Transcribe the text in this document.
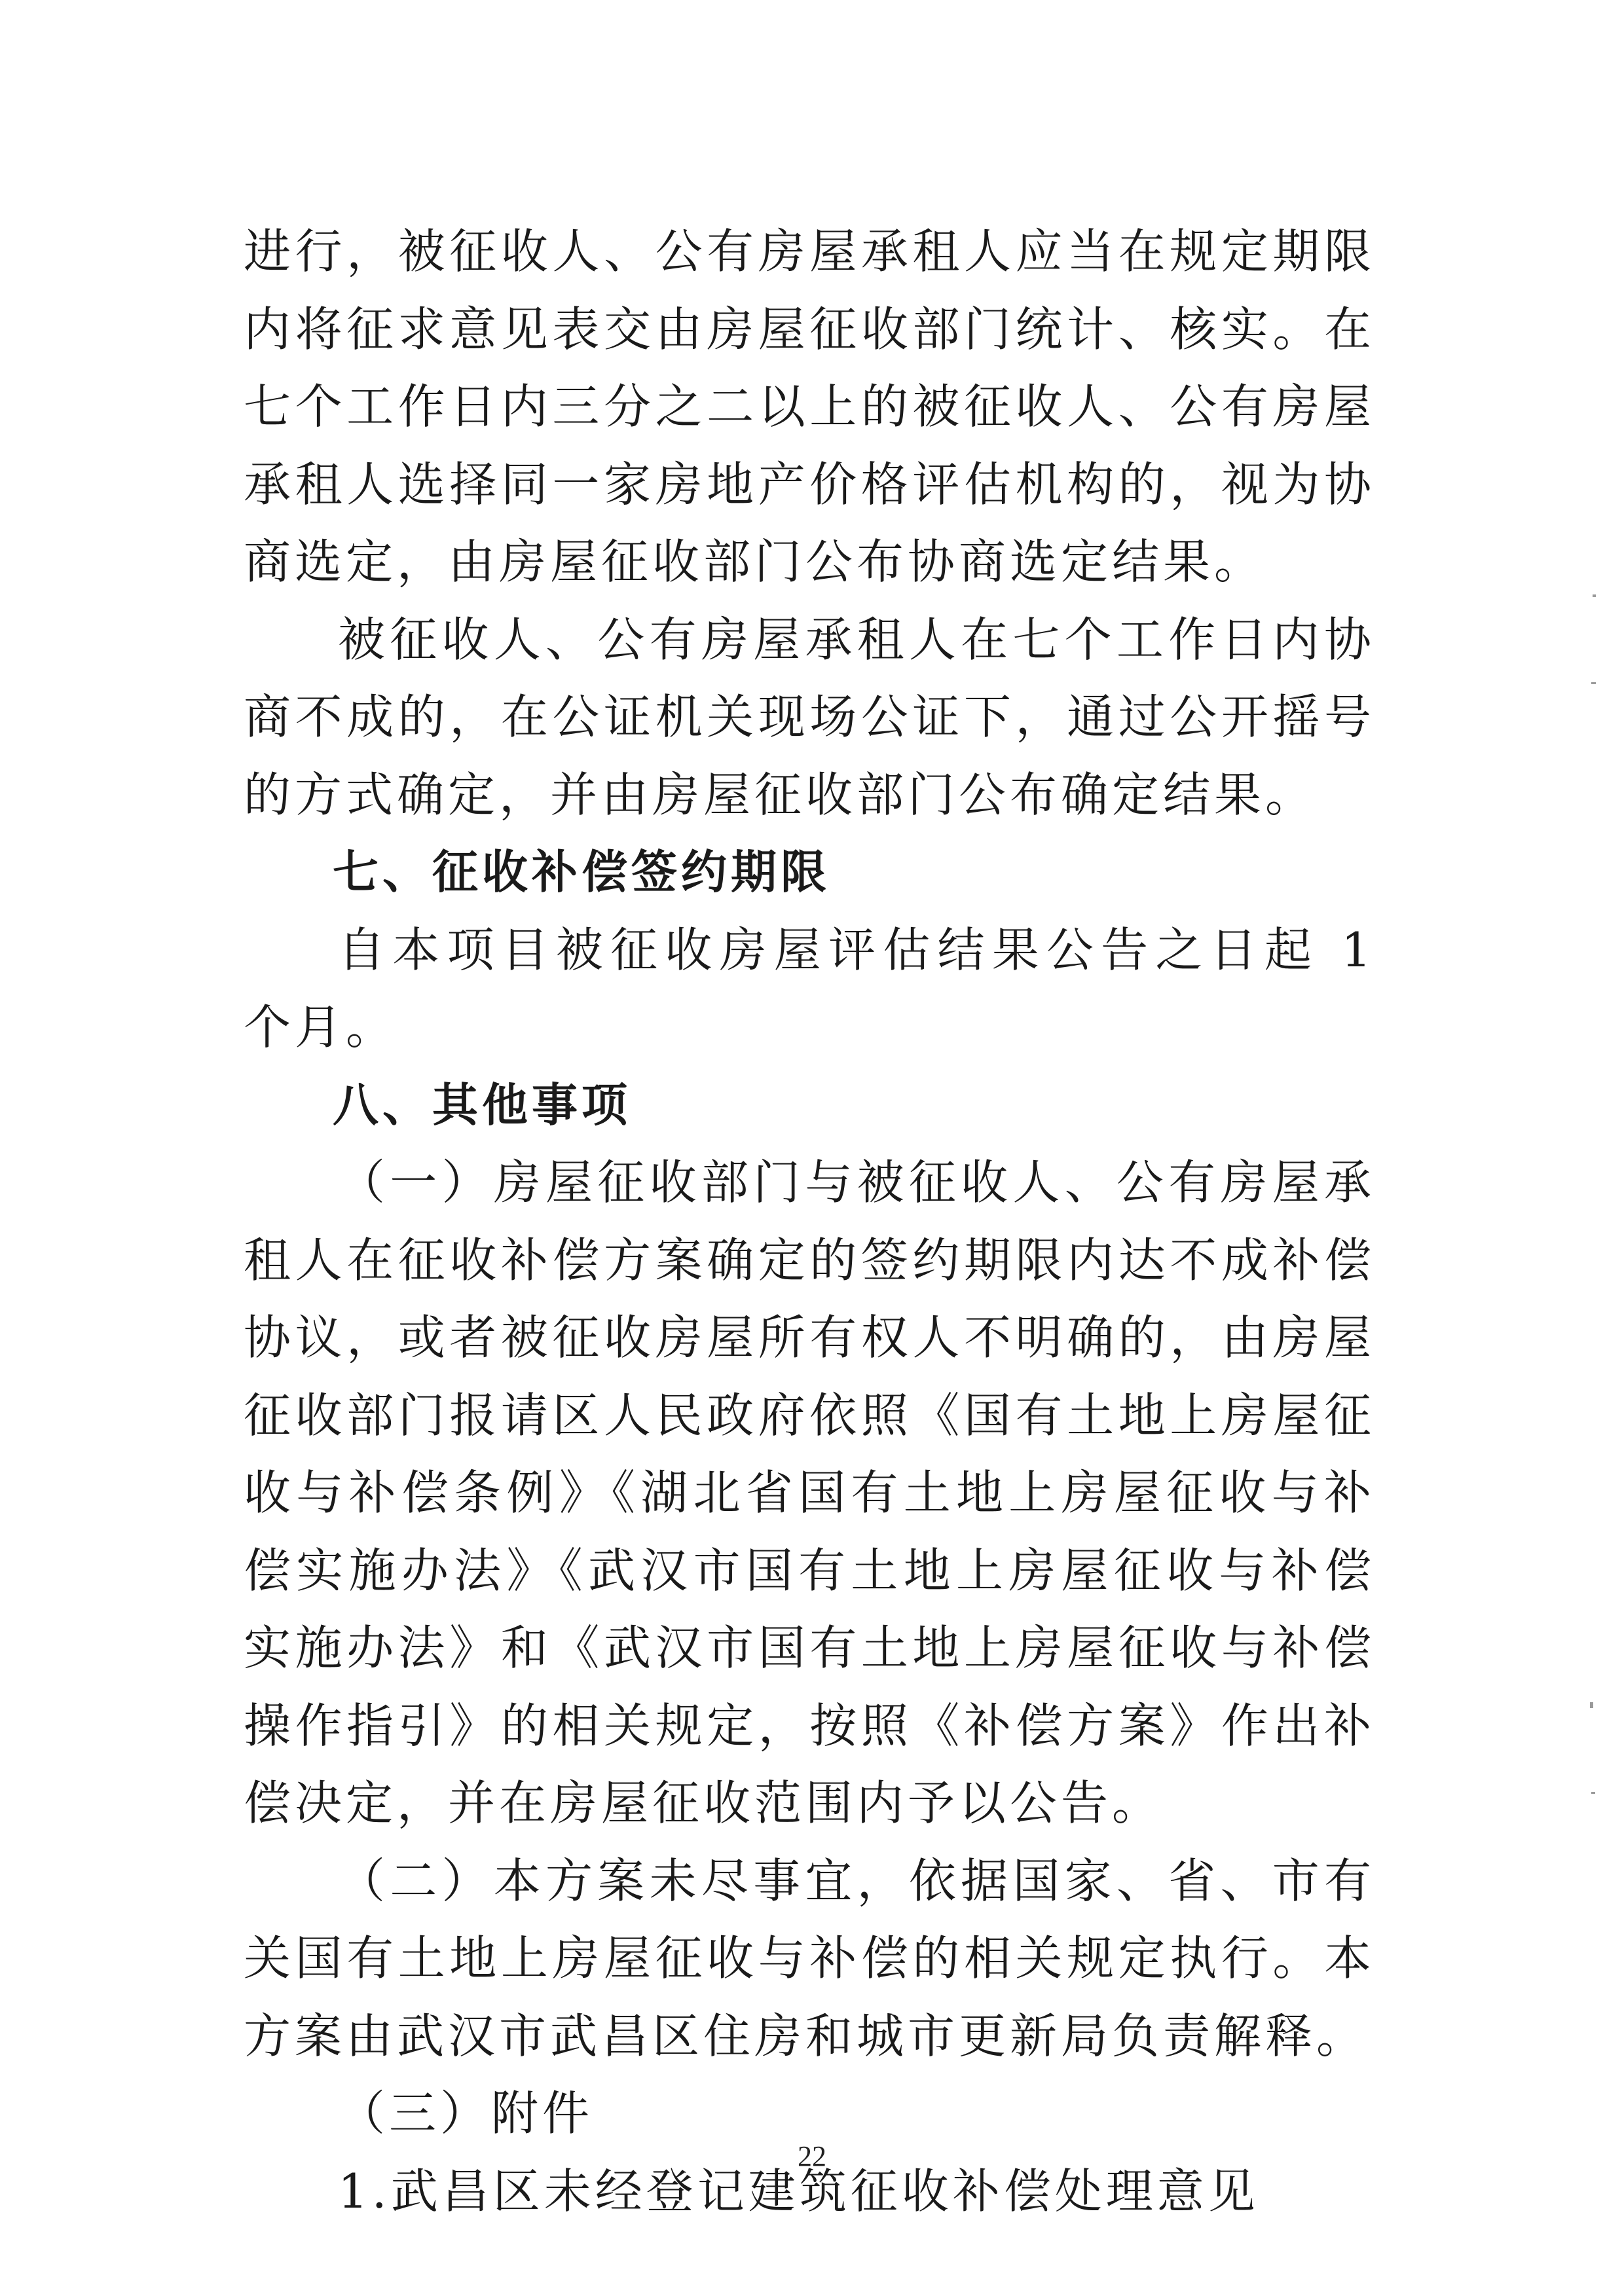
进行，被征收人、公有房屋承租人应当在规定期限内将征求意见表交由房屋征收部门统计、核实。在七个工作日内三分之二以上的被征收人、公有房屋承租人选择同一家房地产价格评估机构的，视为协商选定，由房屋征收部门公布协商选定结果。

被征收人、公有房屋承租人在七个工作日内协商不成的，在公证机关现场公证下，通过公开摇号的方式确定，并由房屋征收部门公布确定结果。

七、征收补偿签约期限

自本项目被征收房屋评估结果公告之日起 1 个月。

八、其他事项

（一）房屋征收部门与被征收人、公有房屋承租人在征收补偿方案确定的签约期限内达不成补偿协议，或者被征收房屋所有权人不明确的，由房屋征收部门报请区人民政府依照《国有土地上房屋征收与补偿条例》《湖北省国有土地上房屋征收与补偿实施办法》《武汉市国有土地上房屋征收与补偿实施办法》和《武汉市国有土地上房屋征收与补偿操作指引》的相关规定，按照《补偿方案》作出补偿决定，并在房屋征收范围内予以公告。

（二）本方案未尽事宜，依据国家、省、市有关国有土地上房屋征收与补偿的相关规定执行。本方案由武汉市武昌区住房和城市更新局负责解释。

（三）附件

1.武昌区未经登记建筑征收补偿处理意见

22
